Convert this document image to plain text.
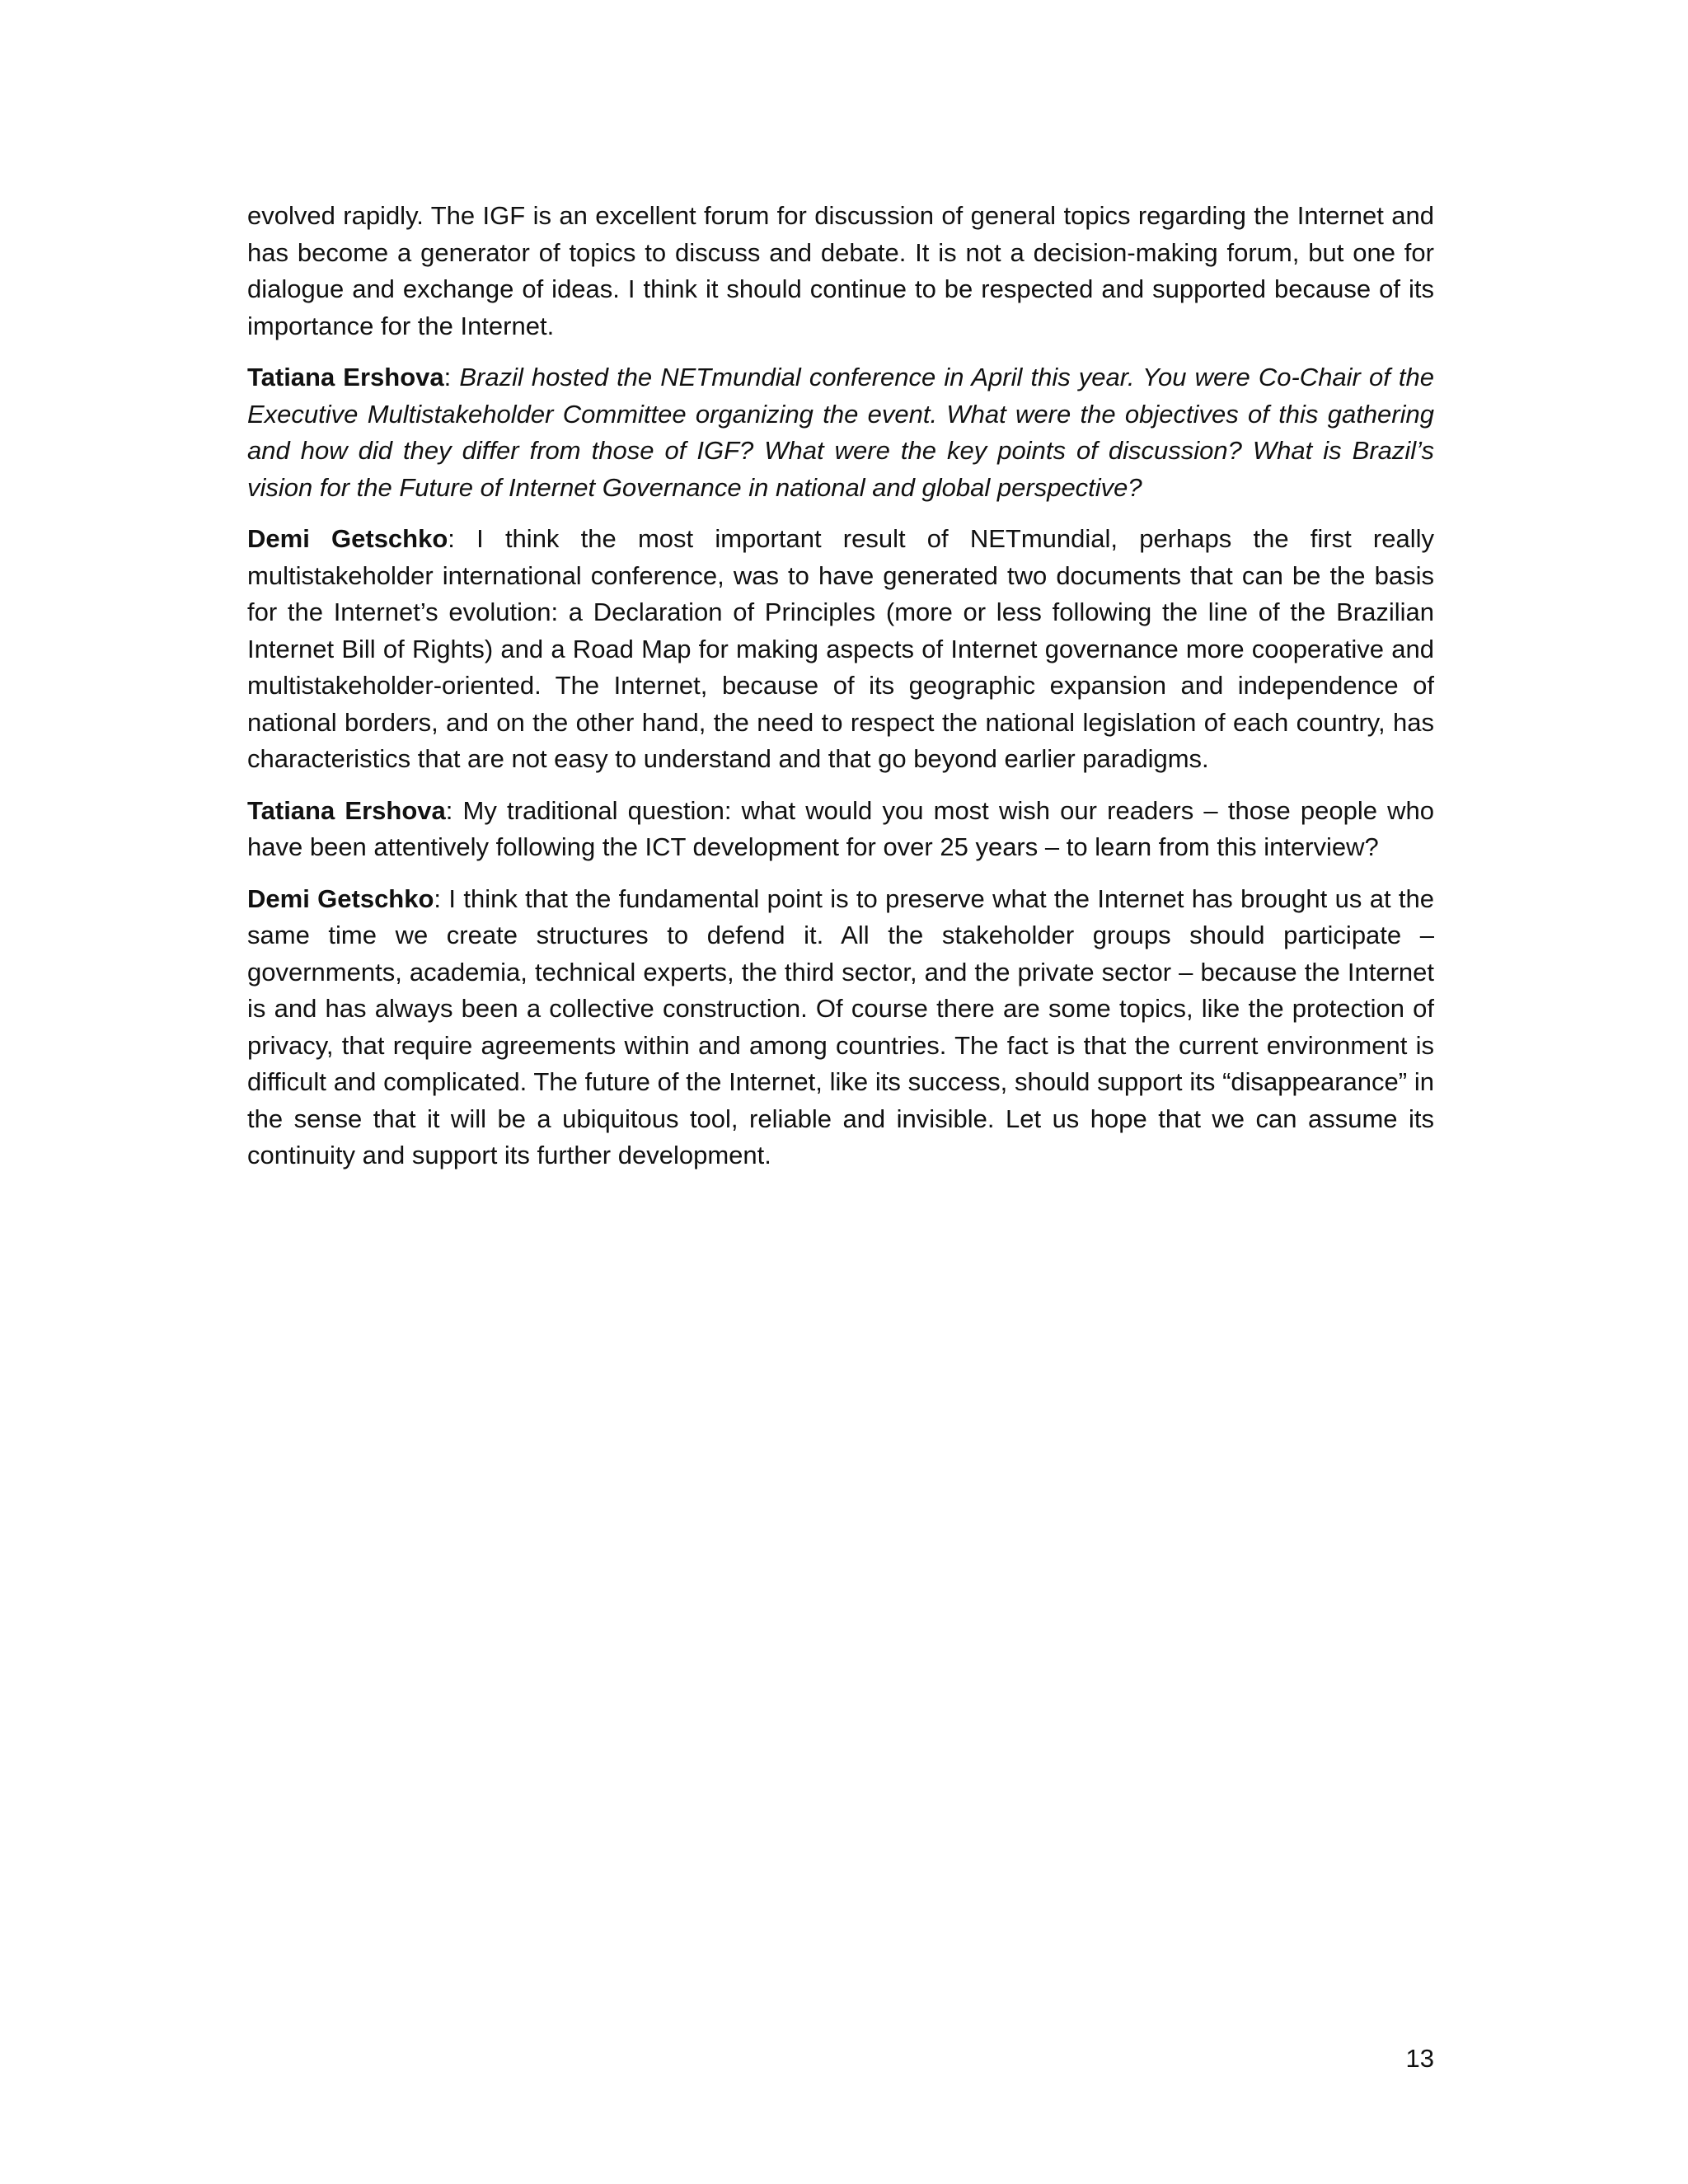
evolved rapidly. The IGF is an excellent forum for discussion of general topics regarding the Internet and has become a generator of topics to discuss and debate. It is not a decision-making forum, but one for dialogue and exchange of ideas. I think it should continue to be respected and supported because of its importance for the Internet.

Tatiana Ershova: Brazil hosted the NETmundial conference in April this year. You were Co-Chair of the Executive Multistakeholder Committee organizing the event. What were the objectives of this gathering and how did they differ from those of IGF? What were the key points of discussion? What is Brazil’s vision for the Future of Internet Governance in national and global perspective?

Demi Getschko: I think the most important result of NETmundial, perhaps the first really multistakeholder international conference, was to have generated two documents that can be the basis for the Internet’s evolution: a Declaration of Principles (more or less following the line of the Brazilian Internet Bill of Rights) and a Road Map for making aspects of Internet governance more cooperative and multistakeholder-oriented. The Internet, because of its geographic expansion and independence of national borders, and on the other hand, the need to respect the national legislation of each country, has characteristics that are not easy to understand and that go beyond earlier paradigms.

Tatiana Ershova: My traditional question: what would you most wish our readers – those people who have been attentively following the ICT development for over 25 years – to learn from this interview?

Demi Getschko: I think that the fundamental point is to preserve what the Internet has brought us at the same time we create structures to defend it. All the stakeholder groups should participate – governments, academia, technical experts, the third sector, and the private sector – because the Internet is and has always been a collective construction. Of course there are some topics, like the protection of privacy, that require agreements within and among countries. The fact is that the current environment is difficult and complicated. The future of the Internet, like its success, should support its “disappearance” in the sense that it will be a ubiquitous tool, reliable and invisible. Let us hope that we can assume its continuity and support its further development.

13
